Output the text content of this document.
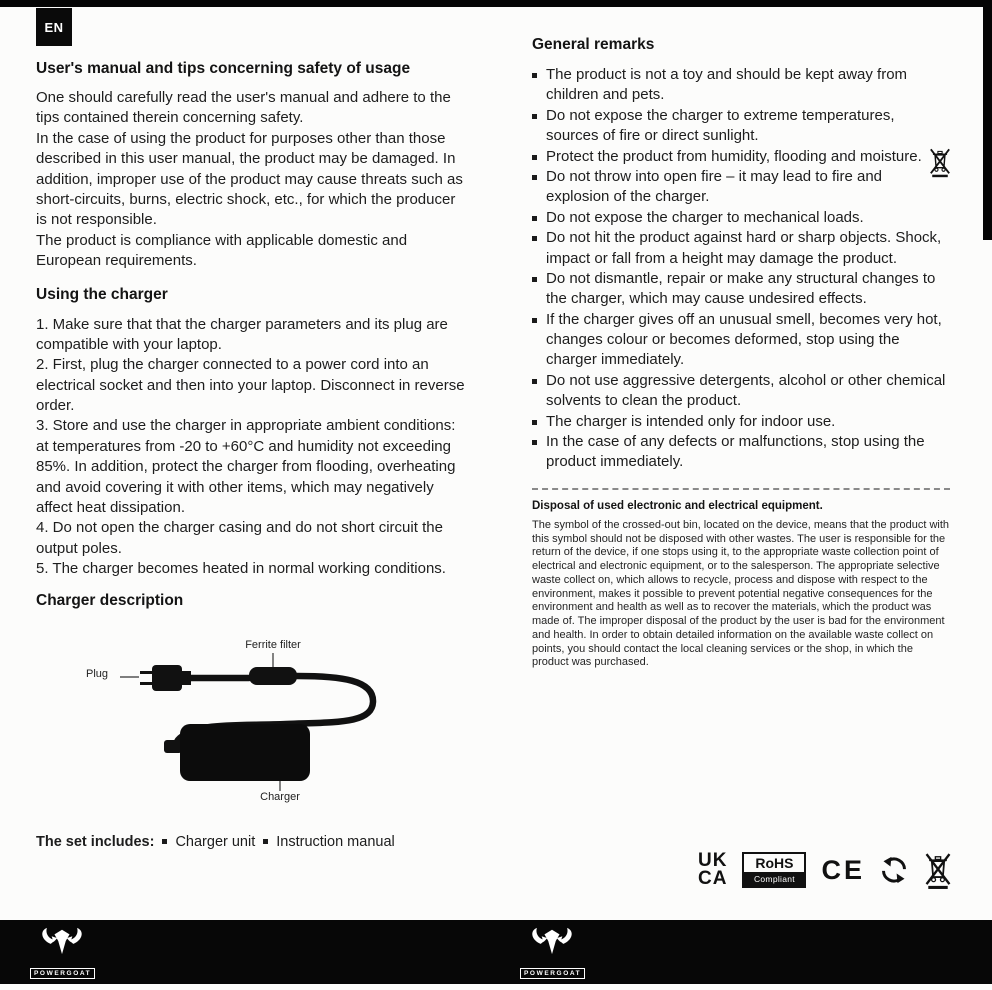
EN
User's manual and tips concerning safety of usage
One should carefully read the user's manual and adhere to the tips contained therein concerning safety.
In the case of using the product for purposes other than those described in this user manual, the product may be damaged. In addition, improper use of the product may cause threats such as short-circuits, burns, electric shock, etc., for which the producer is not responsible.
The product is compliance with applicable domestic and European requirements.
Using the charger
1. Make sure that that the charger parameters and its plug are compatible with your laptop.
2. First, plug the charger connected to a power cord into an electrical socket and then into your laptop. Disconnect in reverse order.
3. Store and use the charger in appropriate ambient conditions: at temperatures from -20 to +60°C and humidity not exceeding 85%. In addition, protect the charger from flooding, overheating and avoid covering it with other items, which may negatively affect heat dissipation.
4. Do not open the charger casing and do not short circuit the output poles.
5. The charger becomes heated in normal working conditions.
Charger description
Ferrite filter
Plug
Charger
The set includes: Charger unit Instruction manual
General remarks
The product is not a toy and should be kept away from children and pets.
Do not expose the charger to extreme temperatures, sources of fire or direct sunlight.
Protect the product from humidity, flooding and moisture.
Do not throw into open fire – it may lead to fire and explosion of the charger.
Do not expose the charger to mechanical loads.
Do not hit the product against hard or sharp objects. Shock, impact or fall from a height may damage the product.
Do not dismantle, repair or make any structural changes to the charger, which may cause undesired effects.
If the charger gives off an unusual smell, becomes very hot, changes colour or becomes deformed, stop using the charger immediately.
Do not use aggressive detergents, alcohol or other chemical solvents to clean the product.
The charger is intended only for indoor use.
In the case of any defects or malfunctions, stop using the product immediately.
Disposal of used electronic and electrical equipment.
The symbol of the crossed-out bin, located on the device, means that the product with this symbol should not be disposed with other wastes. The user is responsible for the return of the device, if one stops using it, to the appropriate waste collection point of electrical and electronic equipment, or to the salesperson. The appropriate selective waste collect on, which allows to recycle, process and dispose with respect to the environment, makes it possible to prevent potential negative consequences for the environment and health as well as to recover the materials, which the product was made of. The improper disposal of the product by the user is bad for the environment and health. In order to obtain detailed information on the available waste collect on points, you should contact the local cleaning services or the shop, in which the product was purchased.
UK
CA
RoHS
Compliant CE
POWERGOAT	POWERGOAT
